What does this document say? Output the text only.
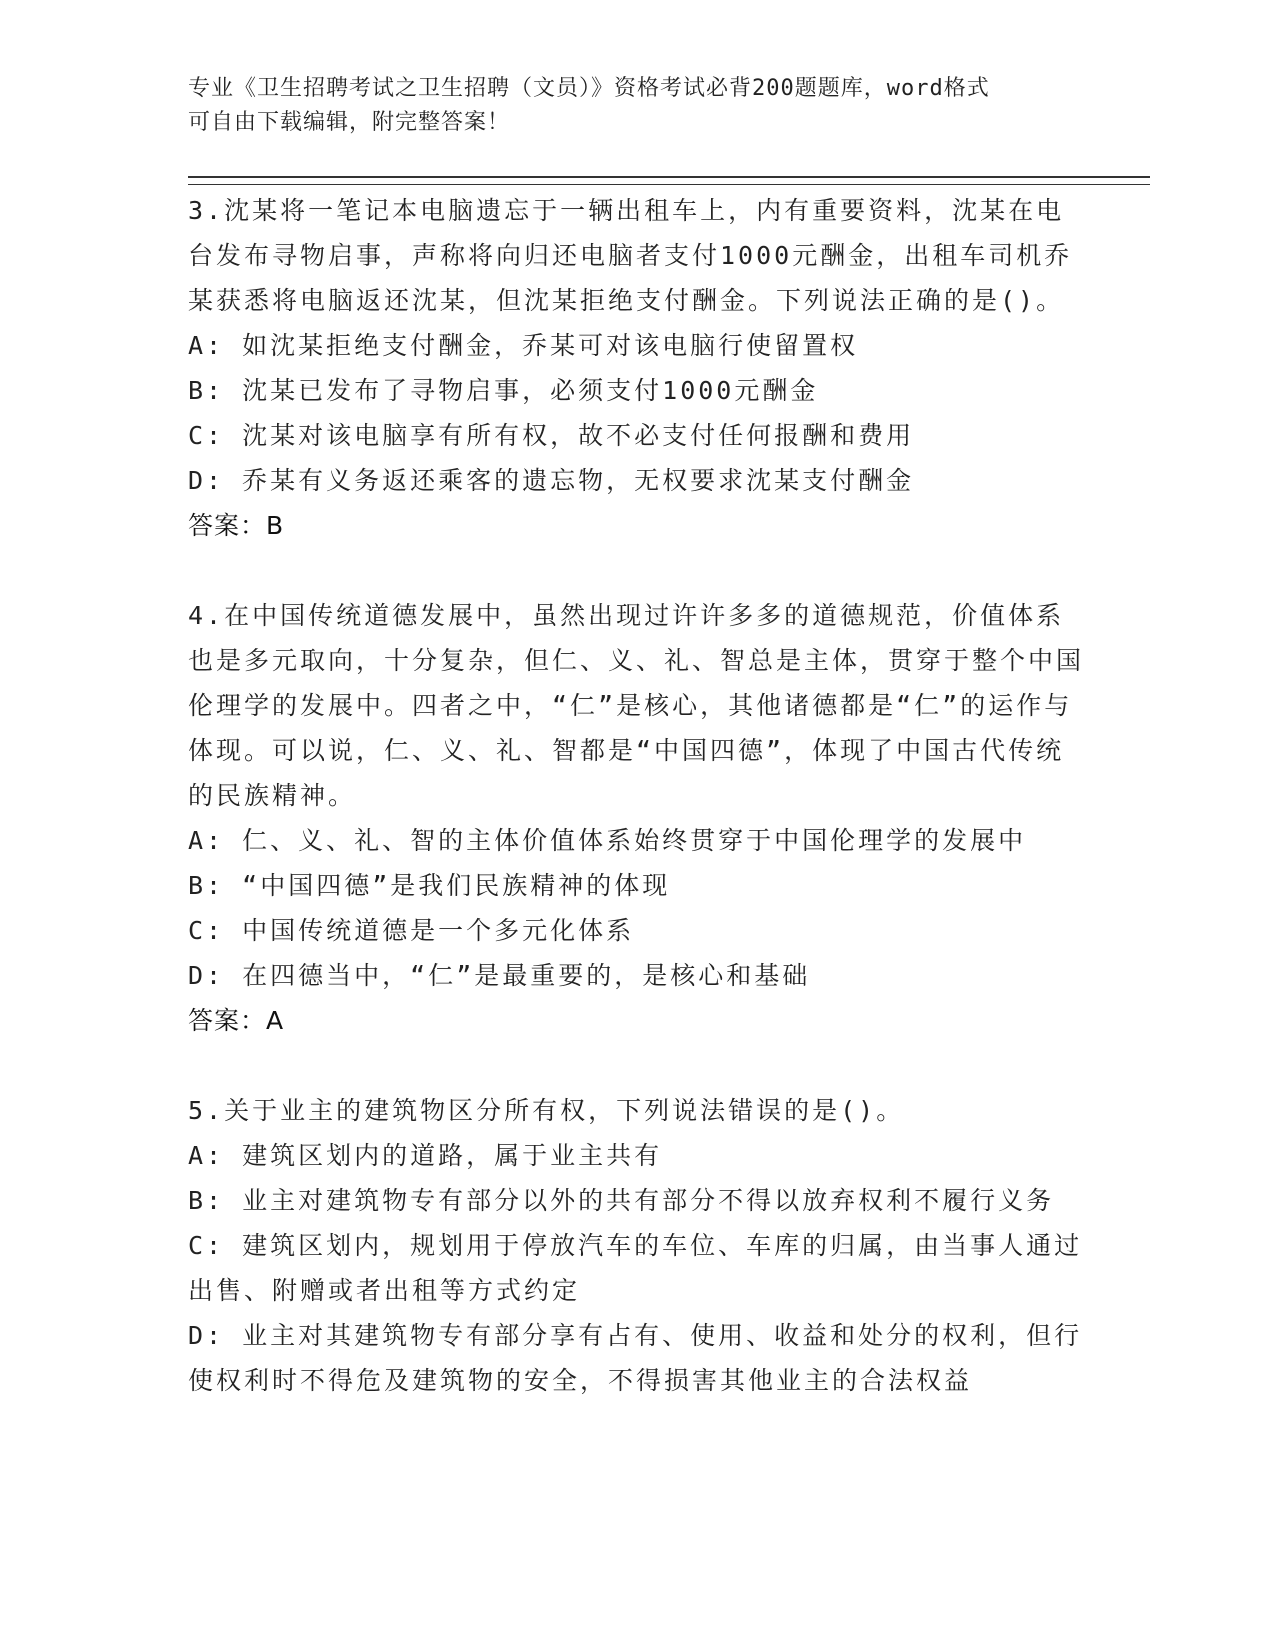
专业《卫生招聘考试之卫生招聘（文员）》资格考试必背200题题库，word格式
可自由下载编辑，附完整答案！

3.沈某将一笔记本电脑遗忘于一辆出租车上，内有重要资料，沈某在电台发布寻物启事，声称将向归还电脑者支付1000元酬金，出租车司机乔某获悉将电脑返还沈某，但沈某拒绝支付酬金。下列说法正确的是()。

A: 如沈某拒绝支付酬金，乔某可对该电脑行使留置权

B: 沈某已发布了寻物启事，必须支付1000元酬金

C: 沈某对该电脑享有所有权，故不必支付任何报酬和费用

D: 乔某有义务返还乘客的遗忘物，无权要求沈某支付酬金

答案：B

4.在中国传统道德发展中，虽然出现过许许多多的道德规范，价值体系也是多元取向，十分复杂，但仁、义、礼、智总是主体，贯穿于整个中国伦理学的发展中。四者之中，“仁”是核心，其他诸德都是“仁”的运作与体现。可以说，仁、义、礼、智都是“中国四德”，体现了中国古代传统的民族精神。

A: 仁、义、礼、智的主体价值体系始终贯穿于中国伦理学的发展中

B: “中国四德”是我们民族精神的体现

C: 中国传统道德是一个多元化体系

D: 在四德当中，“仁”是最重要的，是核心和基础

答案：A

5.关于业主的建筑物区分所有权，下列说法错误的是()。

A: 建筑区划内的道路，属于业主共有

B: 业主对建筑物专有部分以外的共有部分不得以放弃权利不履行义务

C: 建筑区划内，规划用于停放汽车的车位、车库的归属，由当事人通过出售、附赠或者出租等方式约定

D: 业主对其建筑物专有部分享有占有、使用、收益和处分的权利，但行使权利时不得危及建筑物的安全，不得损害其他业主的合法权益
